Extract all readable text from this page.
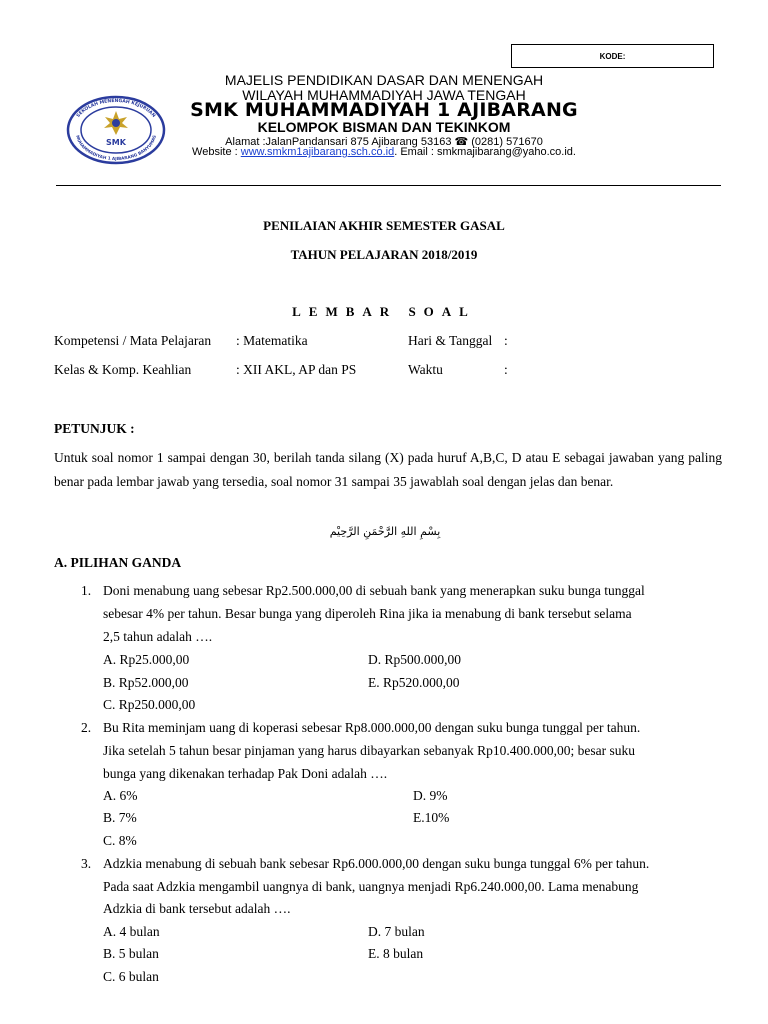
KODE:
SEKOLAH MENENGAH KEJURUAN
MUHAMMADIYAH 1 AJIBARANG BANYUMAS
SMK
MAJELIS PENDIDIKAN DASAR DAN MENENGAH
WILAYAH MUHAMMADIYAH JAWA TENGAH
SMK MUHAMMADIYAH 1 AJIBARANG
KELOMPOK BISMAN DAN TEKINKOM
Alamat :JalanPandansari 875 Ajibarang 53163 ☎ (0281) 571670
Website : www.smkm1ajibarang.sch.co.id. Email : smkmajibarang@yaho.co.id.
PENILAIAN AKHIR SEMESTER GASAL
TAHUN PELAJARAN 2018/2019
LEMBAR SOAL
Kompetensi / Mata Pelajaran : Matematika	Hari & Tanggal :
Kelas & Komp. Keahlian	: XII AKL, AP dan PS	Waktu	:
PETUNJUK :
Untuk soal nomor 1 sampai dengan 30, berilah tanda silang (X) pada huruf A,B,C, D atau E sebagai jawaban yang paling benar pada lembar jawab yang tersedia, soal nomor 31 sampai 35 jawablah soal dengan jelas dan benar.
بِسْمِ اللهِ الرَّحْمَنِ الرَّحِيْم
A. PILIHAN GANDA
1. Doni menabung uang sebesar Rp2.500.000,00 di sebuah bank yang menerapkan suku bunga tunggal
sebesar 4% per tahun. Besar bunga yang diperoleh Rina jika ia menabung di bank tersebut selama
2,5 tahun adalah ….
A. Rp25.000,00	D. Rp500.000,00
B. Rp52.000,00	E. Rp520.000,00
C. Rp250.000,00
2. Bu Rita meminjam uang di koperasi sebesar Rp8.000.000,00 dengan suku bunga tunggal per tahun.
Jika setelah 5 tahun besar pinjaman yang harus dibayarkan sebanyak Rp10.400.000,00; besar suku
bunga yang dikenakan terhadap Pak Doni adalah ….
A. 6%	D. 9%
B. 7%	E.10%
C. 8%
3. Adzkia menabung di sebuah bank sebesar Rp6.000.000,00 dengan suku bunga tunggal 6% per tahun.
Pada saat Adzkia mengambil uangnya di bank, uangnya menjadi Rp6.240.000,00. Lama menabung
Adzkia di bank tersebut adalah ….
A. 4 bulan	D. 7 bulan
B. 5 bulan	E. 8 bulan
C. 6 bulan
